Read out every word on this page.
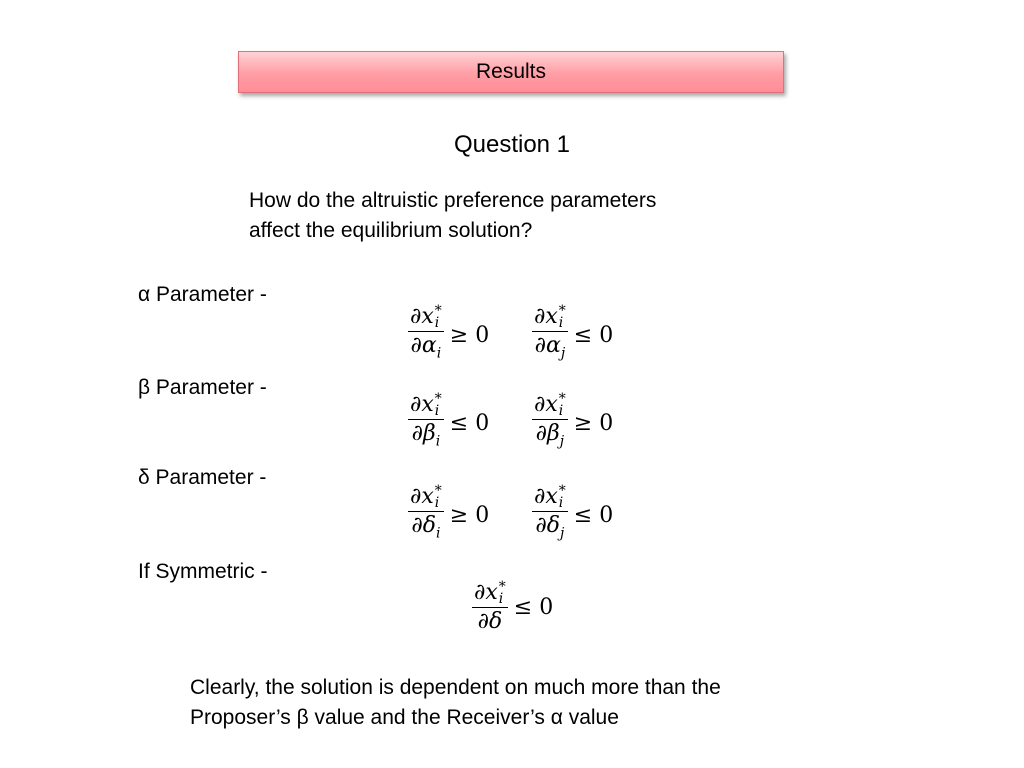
Results
Question 1
How do the altruistic preference parameters
affect the equilibrium solution?
α Parameter -
∂x *
i
$\partial\alpha_i \ge 0$ ∂x *
i
$\partial\alpha_j \le 0$
β Parameter -
∂x *
i
$\partial\beta_i \le 0$ ∂x *
i
$\partial\beta_j \ge 0$
δ Parameter -
∂x *
i
$\partial\delta_i \ge 0$ ∂x *
i
$\partial\delta_j \le 0$
If Symmetric -
∂x *
i
∂δ ≤ 0
Clearly, the solution is dependent on much more than the
Proposer’s β value and the Receiver’s α value
